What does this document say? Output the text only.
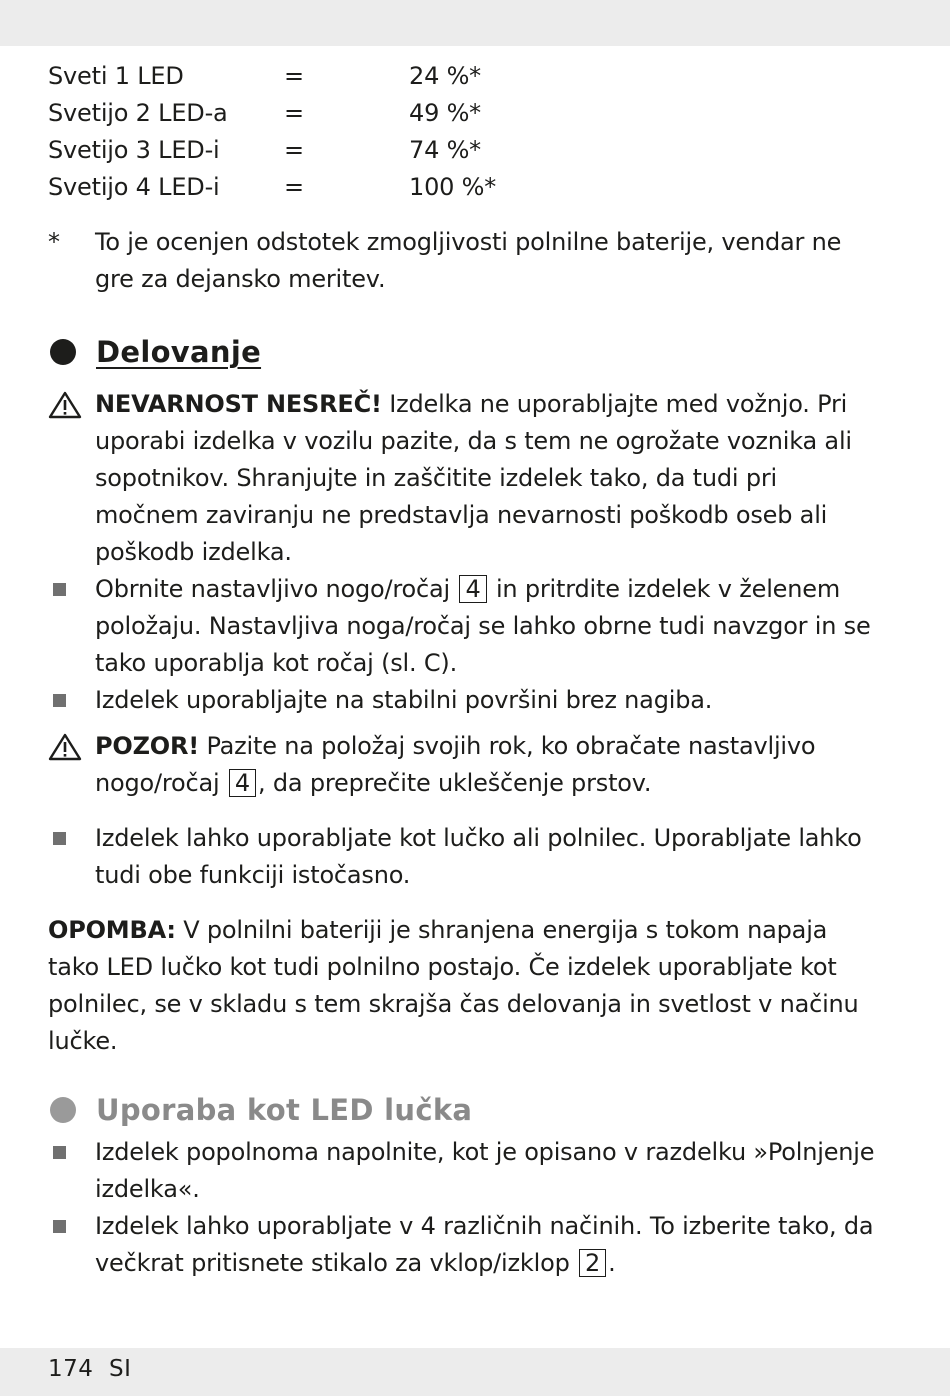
Sveti 1 LED	=	24 %*
Svetijo 2 LED-a	=	49 %*
Svetijo 3 LED-i	=	74 %*
Svetijo 4 LED-i	=	100 %*
*	To je ocenjen odstotek zmogljivosti polnilne baterije, vendar ne gre za dejansko meritev.
Delovanje
NEVARNOST NESREČ! Izdelka ne uporabljajte med vožnjo. Pri uporabi izdelka v vozilu pazite, da s tem ne ogrožate voznika ali sopotnikov. Shranjujte in zaščitite izdelek tako, da tudi pri močnem zaviranju ne predstavlja nevarnosti poškodb oseb ali poškodb izdelka.
Obrnite nastavljivo nogo/ročaj 4 in pritrdite izdelek v želenem položaju. Nastavljiva noga/ročaj se lahko obrne tudi navzgor in se tako uporablja kot ročaj (sl. C).
Izdelek uporabljajte na stabilni površini brez nagiba.
POZOR! Pazite na položaj svojih rok, ko obračate nastavljivo nogo/ročaj 4 , da preprečite ukleščenje prstov.
Izdelek lahko uporabljate kot lučko ali polnilec. Uporabljate lahko tudi obe funkciji istočasno.
OPOMBA: V polnilni bateriji je shranjena energija s tokom napaja tako LED lučko kot tudi polnilno postajo. Če izdelek uporabljate kot polnilec, se v skladu s tem skrajša čas delovanja in svetlost v načinu lučke.
Uporaba kot LED lučka
Izdelek popolnoma napolnite, kot je opisano v razdelku »Polnjenje izdelka«.
Izdelek lahko uporabljate v 4 različnih načinih. To izberite tako, da večkrat pritisnete stikalo za vklop/izklop 2 .
174 SI
